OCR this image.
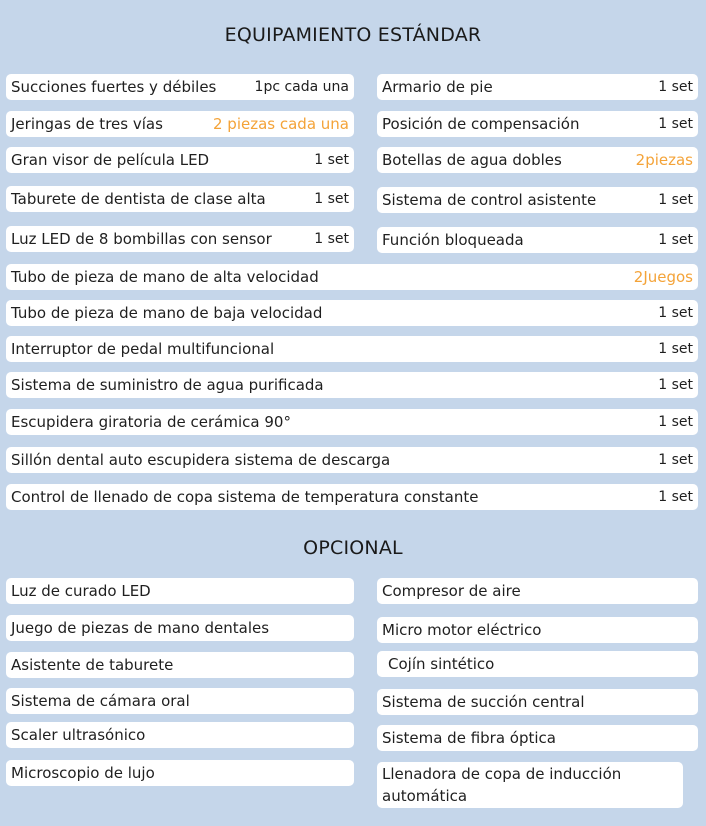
EQUIPAMIENTO ESTÁNDAR
Succiones fuertes y débiles	1pc cada una
Jeringas de tres vías	2 piezas cada una
Gran visor de película LED	1 set
Taburete de dentista de clase alta	1 set
Luz LED de 8 bombillas con sensor	1 set
Armario de pie	1 set
Posición de compensación	1 set
Botellas de agua dobles	2piezas
Sistema de control asistente	1 set
Función bloqueada	1 set
Tubo de pieza de mano de alta velocidad	2Juegos
Tubo de pieza de mano de baja velocidad	1 set
Interruptor de pedal multifuncional	1 set
Sistema de suministro de agua purificada	1 set
Escupidera giratoria de cerámica 90°	1 set
Sillón dental auto escupidera sistema de descarga	1 set
Control de llenado de copa sistema de temperatura constante	1 set
OPCIONAL
Luz de curado LED
Juego de piezas de mano dentales
Asistente de taburete
Sistema de cámara oral
Scaler ultrasónico
Microscopio de lujo
Compresor de aire
Micro motor eléctrico
Cojín sintético
Sistema de succión central
Sistema de fibra óptica
Llenadora de copa de inducción automática
